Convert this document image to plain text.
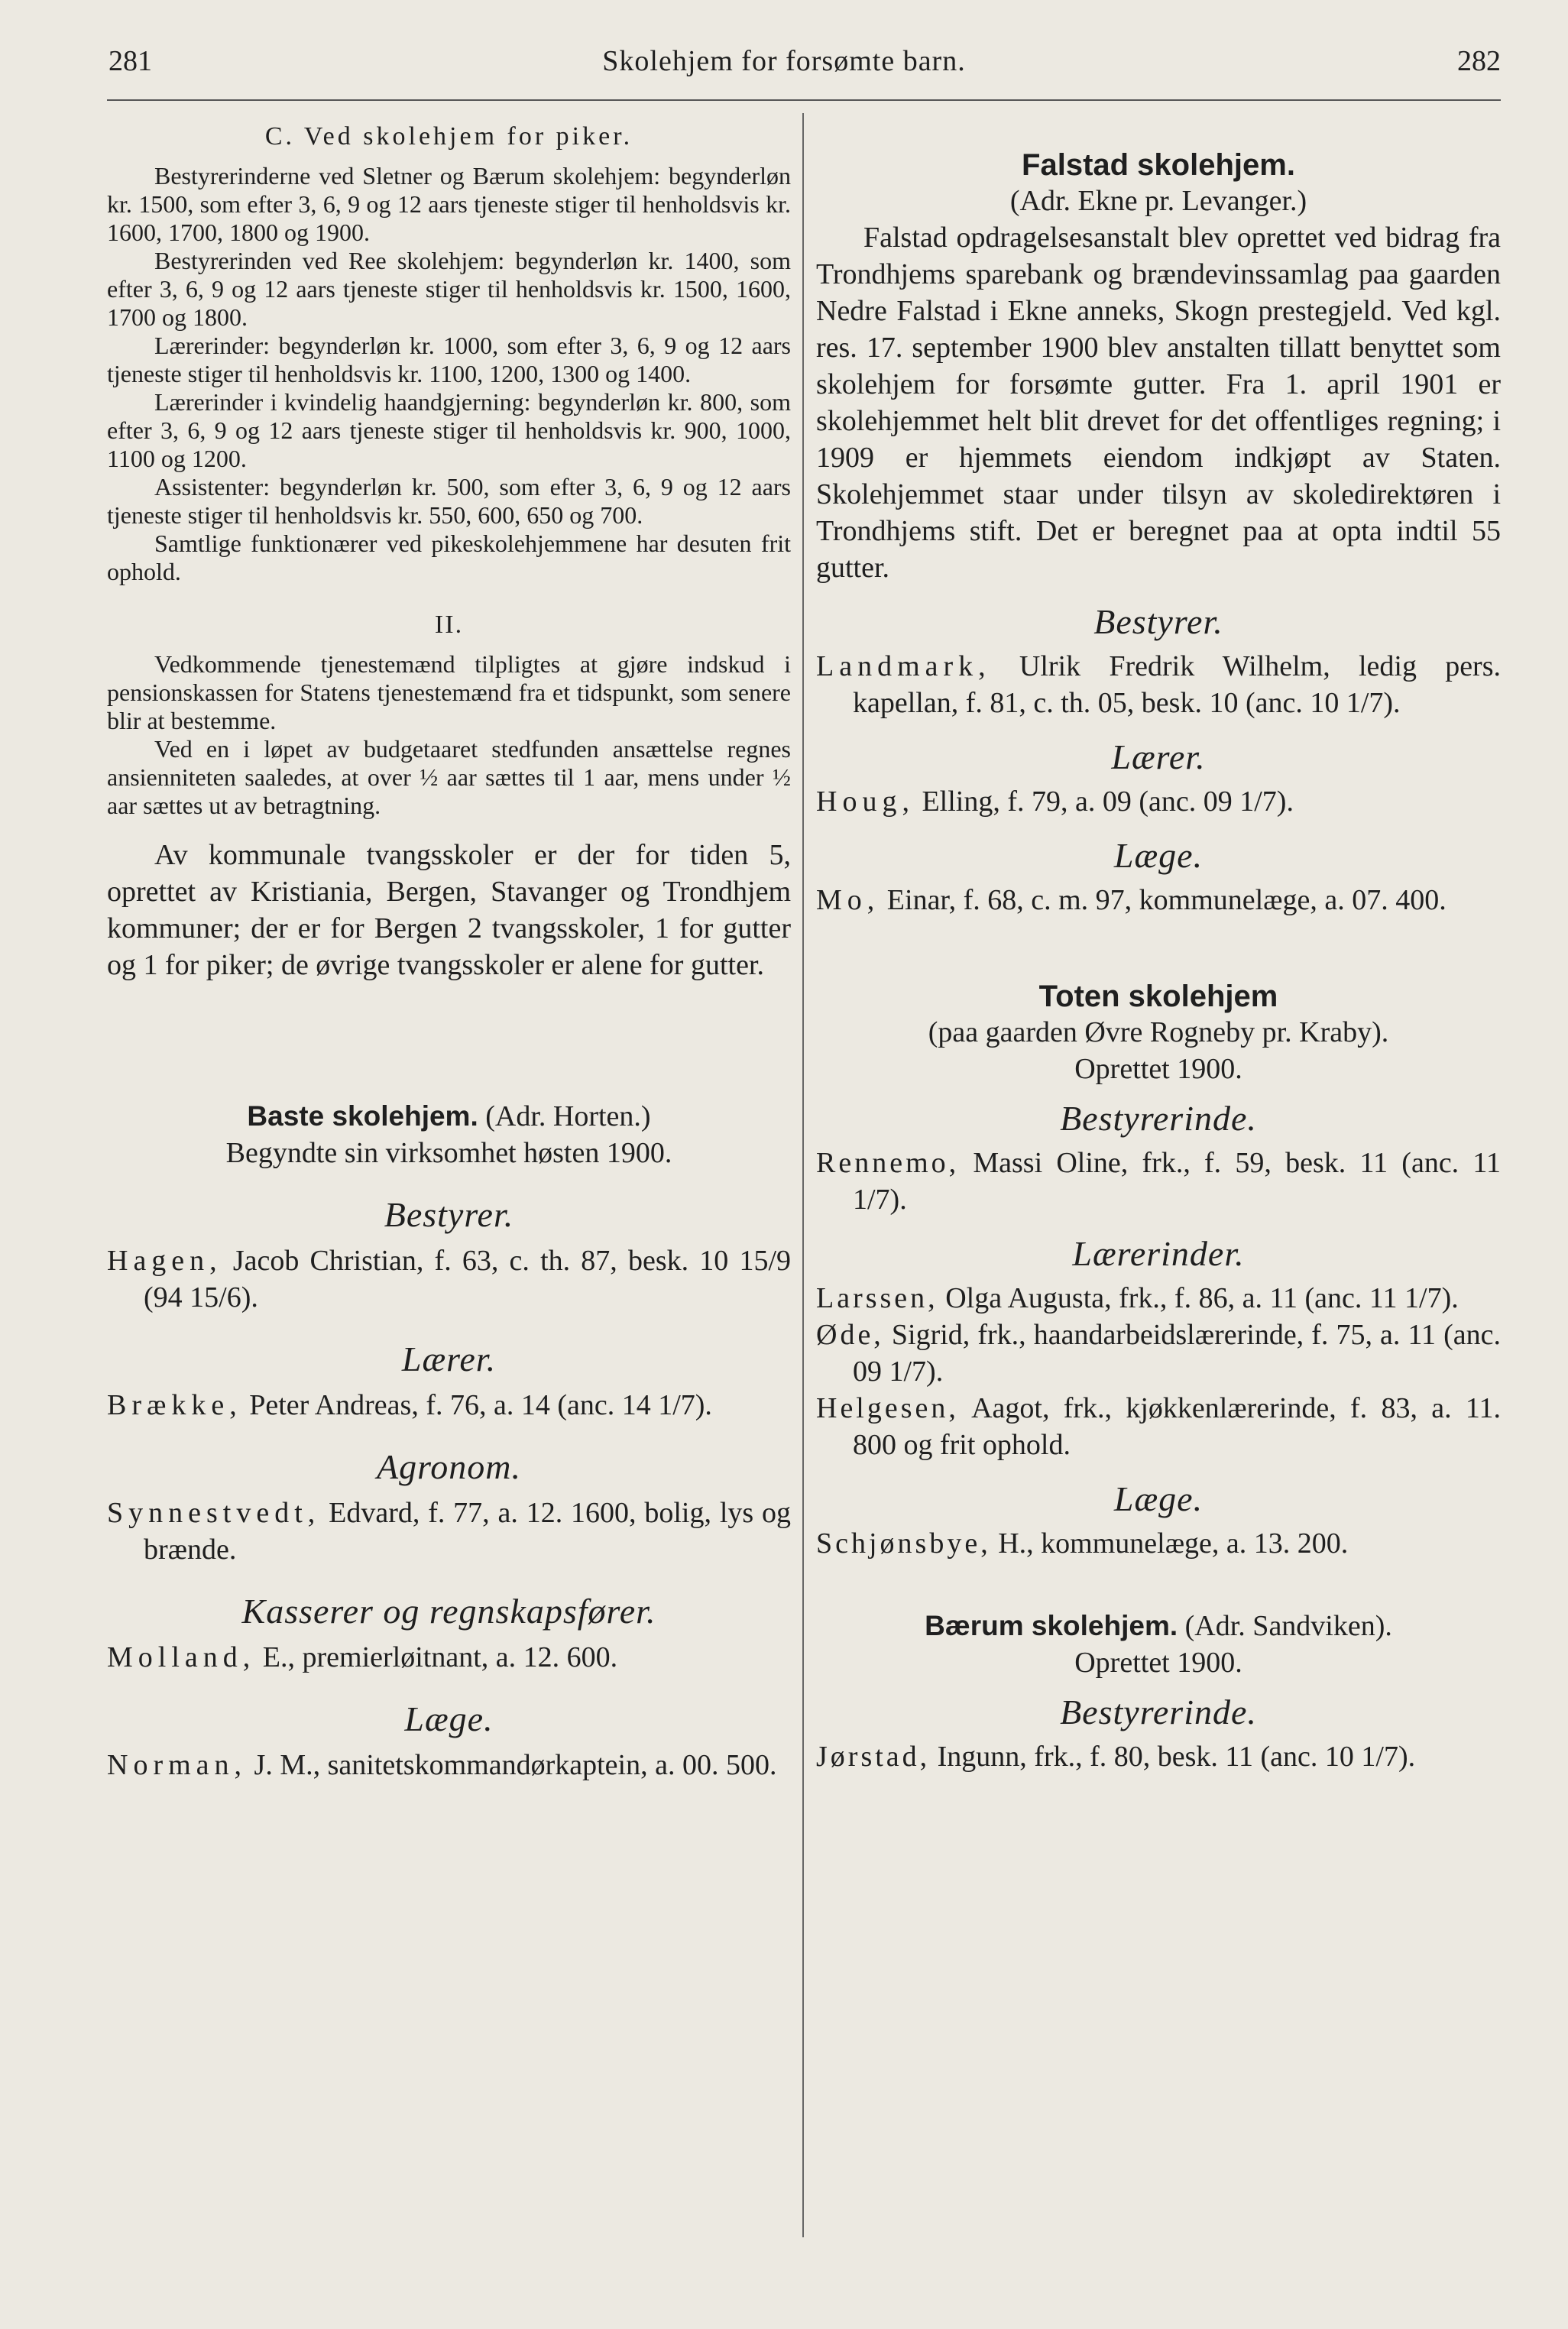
281	Skolehjem for forsømte barn.	282

C. Ved skolehjem for piker.

Bestyrerinderne ved Sletner og Bærum skolehjem: begynderløn kr. 1500, som efter 3, 6, 9 og 12 aars tjeneste stiger til henholdsvis kr. 1600, 1700, 1800 og 1900.

Bestyrerinden ved Ree skolehjem: begynderløn kr. 1400, som efter 3, 6, 9 og 12 aars tjeneste stiger til henholdsvis kr. 1500, 1600, 1700 og 1800.

Lærerinder: begynderløn kr. 1000, som efter 3, 6, 9 og 12 aars tjeneste stiger til henholdsvis kr. 1100, 1200, 1300 og 1400.

Lærerinder i kvindelig haandgjerning: begynderløn kr. 800, som efter 3, 6, 9 og 12 aars tjeneste stiger til henholdsvis kr. 900, 1000, 1100 og 1200.

Assistenter: begynderløn kr. 500, som efter 3, 6, 9 og 12 aars tjeneste stiger til henholdsvis kr. 550, 600, 650 og 700.

Samtlige funktionærer ved pikeskolehjemmene har desuten frit ophold.

II.

Vedkommende tjenestemænd tilpligtes at gjøre indskud i pensionskassen for Statens tjenestemænd fra et tidspunkt, som senere blir at bestemme.

Ved en i løpet av budgetaaret stedfunden ansættelse regnes ansienniteten saaledes, at over ½ aar sættes til 1 aar, mens under ½ aar sættes ut av betragtning.

Av kommunale tvangsskoler er der for tiden 5, oprettet av Kristiania, Bergen, Stavanger og Trondhjem kommuner; der er for Bergen 2 tvangsskoler, 1 for gutter og 1 for piker; de øvrige tvangsskoler er alene for gutter.

Baste skolehjem. (Adr. Horten.)

Begyndte sin virksomhet høsten 1900.

Bestyrer.

Hagen, Jacob Christian, f. 63, c. th. 87, besk. 10 15/9 (94 15/6).

Lærer.

Brække, Peter Andreas, f. 76, a. 14 (anc. 14 1/7).

Agronom.

Synnestvedt, Edvard, f. 77, a. 12. 1600, bolig, lys og brænde.

Kasserer og regnskapsfører.

Molland, E., premierløitnant, a. 12. 600.

Læge.

Norman, J. M., sanitetskommandørkaptein, a. 00. 500.

Falstad skolehjem.

(Adr. Ekne pr. Levanger.)

Falstad opdragelsesanstalt blev oprettet ved bidrag fra Trondhjems sparebank og brændevinssamlag paa gaarden Nedre Falstad i Ekne anneks, Skogn prestegjeld. Ved kgl. res. 17. september 1900 blev anstalten tillatt benyttet som skolehjem for forsømte gutter. Fra 1. april 1901 er skolehjemmet helt blit drevet for det offentliges regning; i 1909 er hjemmets eiendom indkjøpt av Staten. Skolehjemmet staar under tilsyn av skoledirektøren i Trondhjems stift. Det er beregnet paa at opta indtil 55 gutter.

Bestyrer.

Landmark, Ulrik Fredrik Wilhelm, ledig pers. kapellan, f. 81, c. th. 05, besk. 10 (anc. 10 1/7).

Lærer.

Houg, Elling, f. 79, a. 09 (anc. 09 1/7).

Læge.

Mo, Einar, f. 68, c. m. 97, kommunelæge, a. 07. 400.

Toten skolehjem

(paa gaarden Øvre Rogneby pr. Kraby).

Oprettet 1900.

Bestyrerinde.

Rennemo, Massi Oline, frk., f. 59, besk. 11 (anc. 11 1/7).

Lærerinder.

Larssen, Olga Augusta, frk., f. 86, a. 11 (anc. 11 1/7).
Øde, Sigrid, frk., haandarbeidslærerinde, f. 75, a. 11 (anc. 09 1/7).
Helgesen, Aagot, frk., kjøkkenlærerinde, f. 83, a. 11. 800 og frit ophold.

Læge.

Schjønsbye, H., kommunelæge, a. 13. 200.
Bærum skolehjem. (Adr. Sandviken).

Oprettet 1900.

Bestyrerinde.

Jørstad, Ingunn, frk., f. 80, besk. 11 (anc. 10 1/7).
